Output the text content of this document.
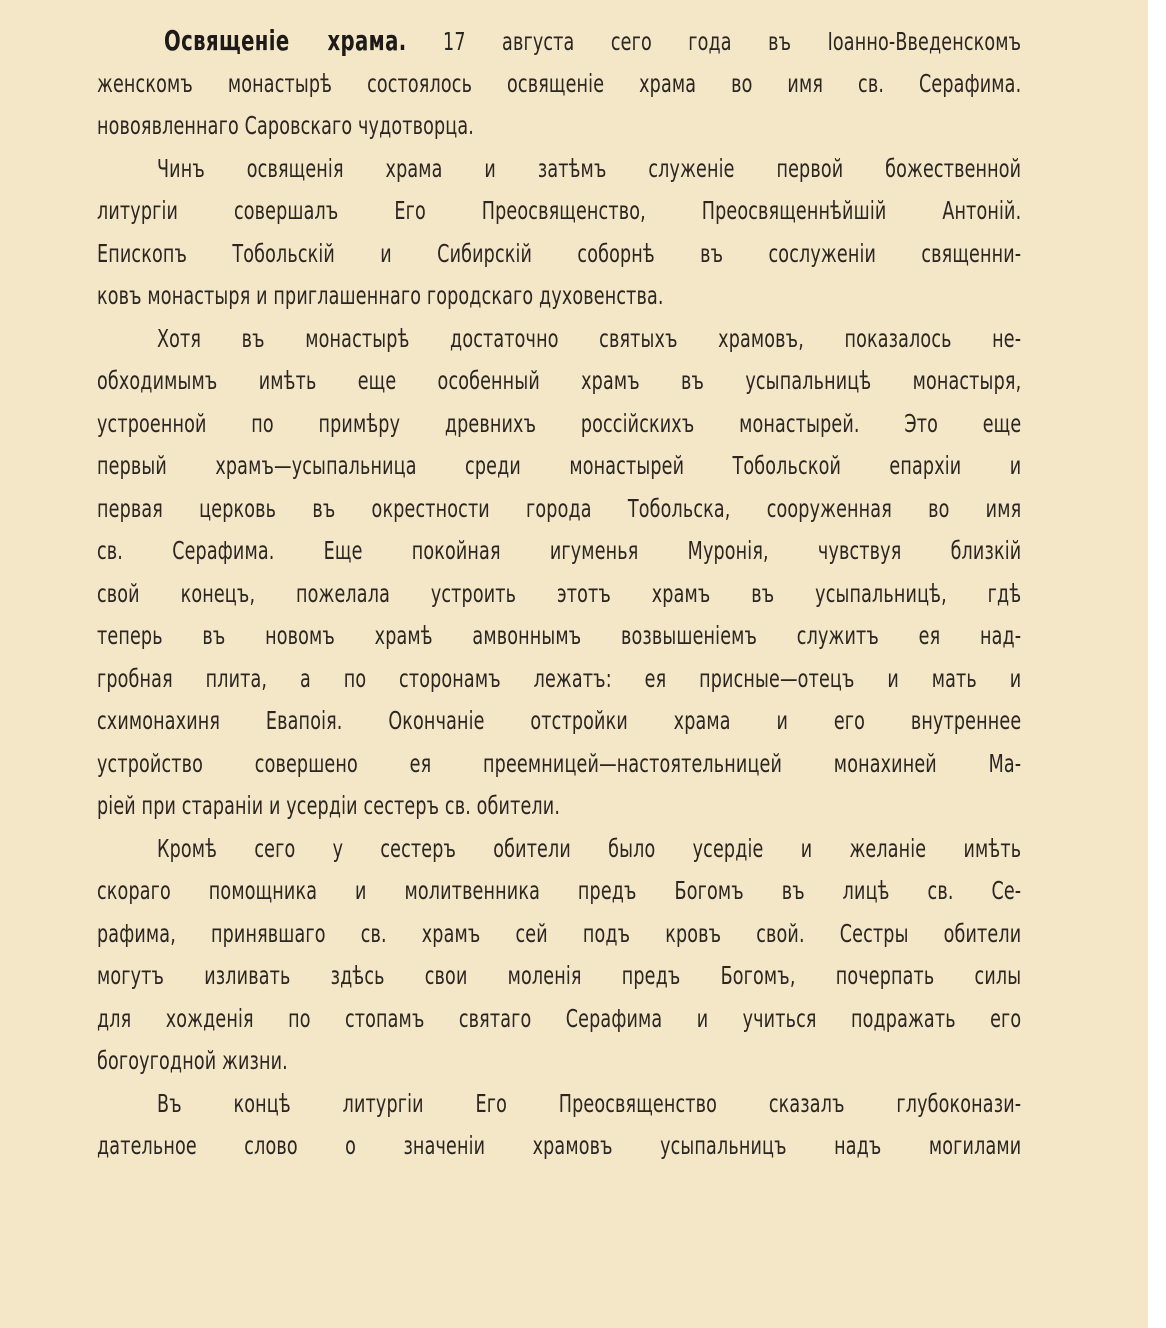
Освященіе храма. 17 августа сего года въ Іоанно-Введенскомъ
женскомъ монастырѣ состоялось освященіе храма во имя св. Серафима.
новоявленнаго Саровскаго чудотворца.
Чинъ освященія храма и затѣмъ служеніе первой божественной
литургіи совершалъ Его Преосвященство, Преосвященнѣйшій Антоній.
Епископъ Тобольскій и Сибирскій соборнѣ въ сослуженіи священни-
ковъ монастыря и приглашеннаго городскаго духовенства.
Хотя въ монастырѣ достаточно святыхъ храмовъ, показалось не-
обходимымъ имѣть еще особенный храмъ въ усыпальницѣ монастыря,
устроенной по примѣру древнихъ россійскихъ монастырей. Это еще
первый храмъ—усыпальница среди монастырей Тобольской епархіи и
первая церковь въ окрестности города Тобольска, сооруженная во имя
св. Серафима. Еще покойная игуменья Муронія, чувствуя близкій
свой конецъ, пожелала устроить этотъ храмъ въ усыпальницѣ, гдѣ
теперь въ новомъ храмѣ амвоннымъ возвышеніемъ служитъ ея над-
гробная плита, а по сторонамъ лежатъ: ея присные—отецъ и мать и
схимонахиня Евапоія. Окончаніе отстройки храма и его внутреннее
устройство совершено ея преемницей—настоятельницей монахиней Ма-
ріей при стараніи и усердіи сестеръ св. обители.
Кромѣ сего у сестеръ обители было усердіе и желаніе имѣть
скораго помощника и молитвенника предъ Богомъ въ лицѣ св. Се-
рафима, принявшаго св. храмъ сей подъ кровъ свой. Сестры обители
могутъ изливать здѣсь свои моленія предъ Богомъ, почерпать силы
для хожденія по стопамъ святаго Серафима и учиться подражать его
богоугодной жизни.
Въ концѣ литургіи Его Преосвященство сказалъ глубоконази-
дательное слово о значеніи храмовъ усыпальницъ надъ могилами
